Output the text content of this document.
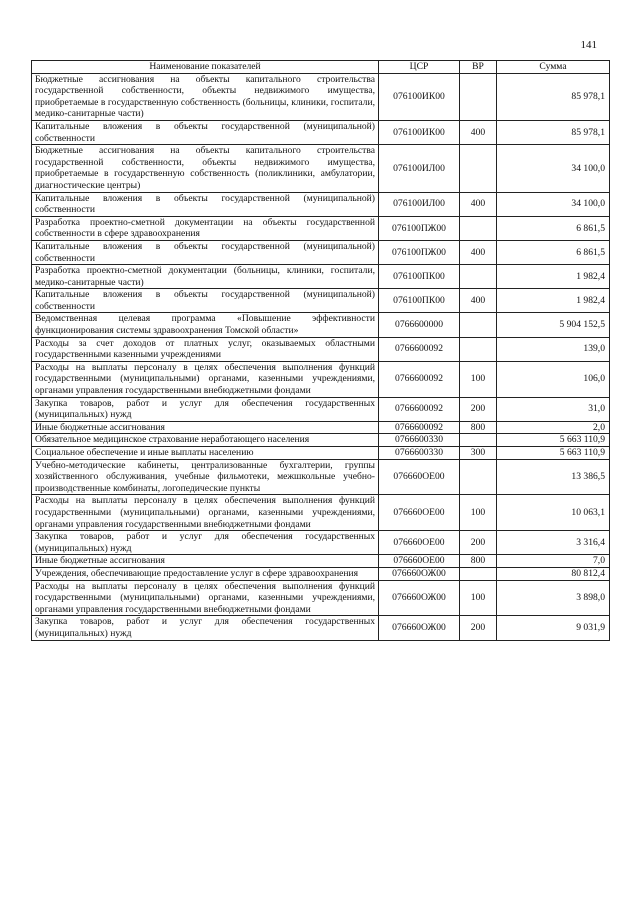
141
Наименование показателей	ЦСР	ВР	Сумма
Бюджетные ассигнования на объекты капитального строительства государственной собственности, объекты недвижимого имущества, приобретаемые в государственную собственность (больницы, клиники, госпитали, медико-санитарные части)	076100ИК00		85 978,1
Капитальные вложения в объекты государственной (муниципальной) собственности	076100ИК00	400	85 978,1
Бюджетные ассигнования на объекты капитального строительства государственной собственности, объекты недвижимого имущества, приобретаемые в государственную собственность (поликлиники, амбулатории, диагностические центры)	076100ИЛ00		34 100,0
Капитальные вложения в объекты государственной (муниципальной) собственности	076100ИЛ00	400	34 100,0
Разработка проектно-сметной документации на объекты государственной собственности в сфере здравоохранения	076100ПЖ00		6 861,5
Капитальные вложения в объекты государственной (муниципальной) собственности	076100ПЖ00	400	6 861,5
Разработка проектно-сметной документации (больницы, клиники, госпитали, медико-санитарные части)	076100ПК00		1 982,4
Капитальные вложения в объекты государственной (муниципальной) собственности	076100ПК00	400	1 982,4
Ведомственная целевая программа «Повышение эффективности функционирования системы здравоохранения Томской области»	0766600000		5 904 152,5
Расходы за счет доходов от платных услуг, оказываемых областными государственными казенными учреждениями	0766600092		139,0
Расходы на выплаты персоналу в целях обеспечения выполнения функций государственными (муниципальными) органами, казенными учреждениями, органами управления государственными внебюджетными фондами	0766600092	100	106,0
Закупка товаров, работ и услуг для обеспечения государственных (муниципальных) нужд	0766600092	200	31,0
Иные бюджетные ассигнования	0766600092	800	2,0
Обязательное медицинское страхование неработающего населения	0766600330		5 663 110,9
Социальное обеспечение и иные выплаты населению	0766600330	300	5 663 110,9
Учебно-методические кабинеты, централизованные бухгалтерии, группы хозяйственного обслуживания, учебные фильмотеки, межшкольные учебно-производственные комбинаты, логопедические пункты	076660ОЕ00		13 386,5
Расходы на выплаты персоналу в целях обеспечения выполнения функций государственными (муниципальными) органами, казенными учреждениями, органами управления государственными внебюджетными фондами	076660ОЕ00	100	10 063,1
Закупка товаров, работ и услуг для обеспечения государственных (муниципальных) нужд	076660ОЕ00	200	3 316,4
Иные бюджетные ассигнования	076660ОЕ00	800	7,0
Учреждения, обеспечивающие предоставление услуг в сфере здравоохранения	076660ОЖ00		80 812,4
Расходы на выплаты персоналу в целях обеспечения выполнения функций государственными (муниципальными) органами, казенными учреждениями, органами управления государственными внебюджетными фондами	076660ОЖ00	100	3 898,0
Закупка товаров, работ и услуг для обеспечения государственных (муниципальных) нужд	076660ОЖ00	200	9 031,9
